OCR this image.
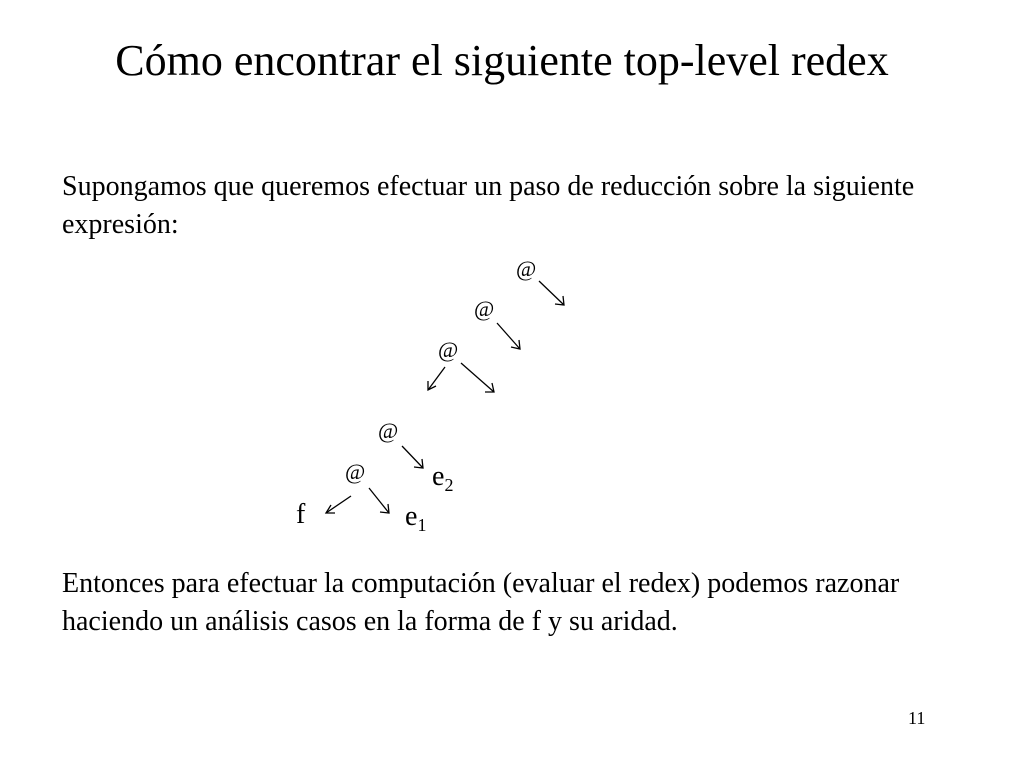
Cómo encontrar el siguiente top-level redex

Supongamos que queremos efectuar un paso de reducción sobre la siguiente expresión:

@
@
@
@
@
f	e1
e2

Entonces para efectuar la computación (evaluar el redex) podemos razonar haciendo un análisis casos en la forma de f y su aridad.

11
